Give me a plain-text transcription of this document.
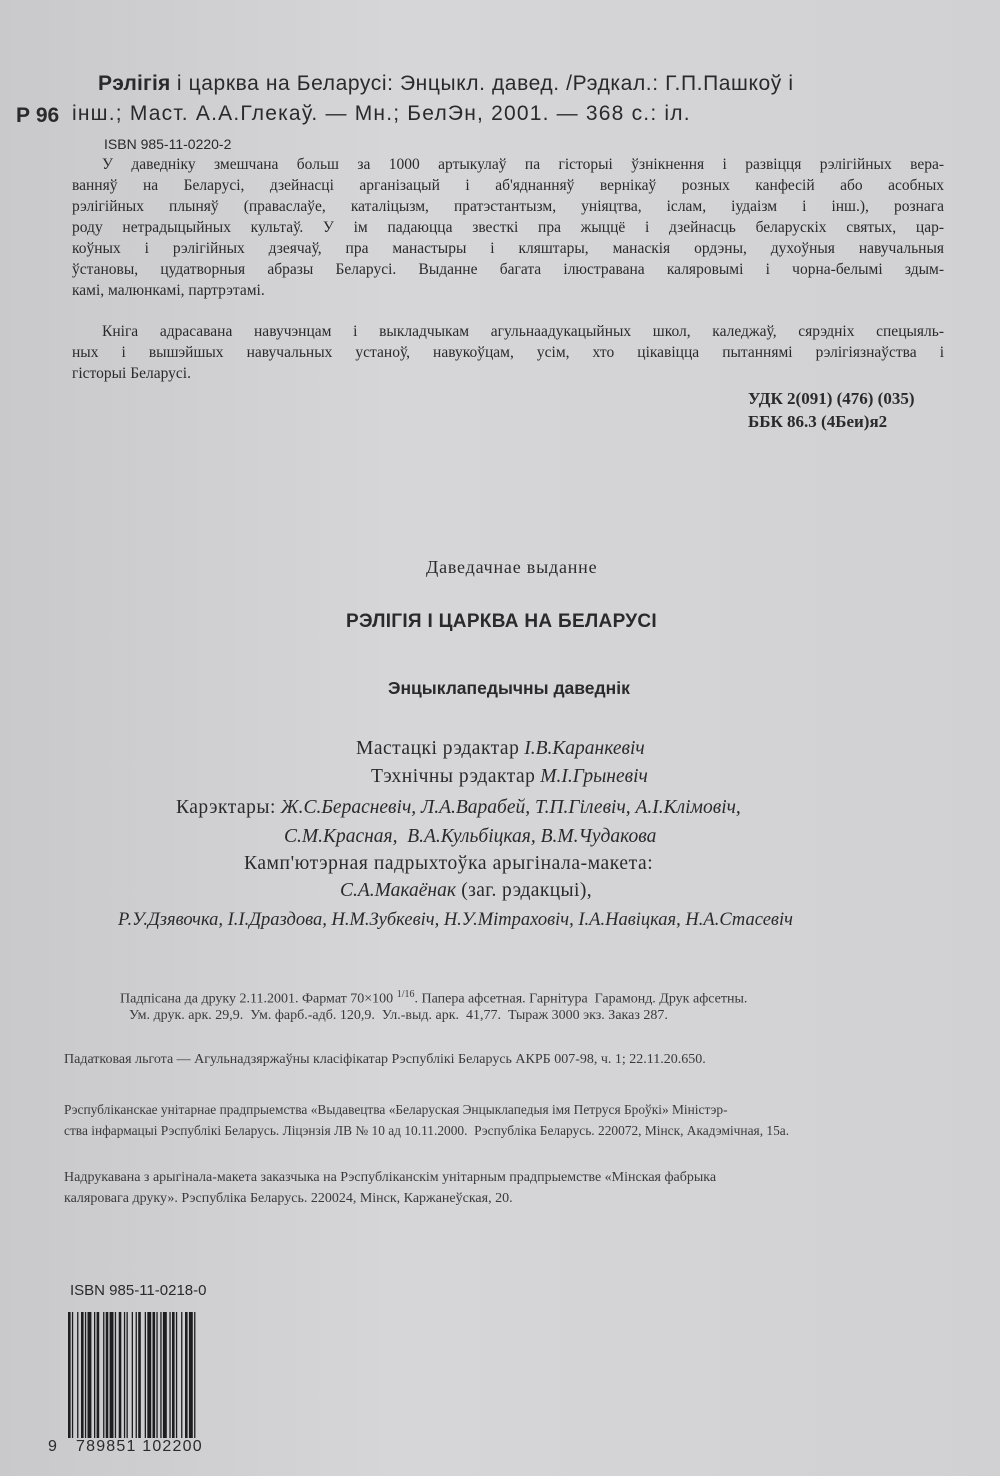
Рэлігія і царква на Беларусі: Энцыкл. давед. /Рэдкал.: Г.П.Пашкоў і
Р 96 інш.; Маст. А.А.Глекаў. — Мн.; БелЭн, 2001. — 368 с.: іл.
ISBN 985-11-0220-2
У даведніку змешчана больш за 1000 артыкулаў па гісторыі ўзнікнення і развіцця рэлігійных вера-
ванняў на Беларусі, дзейнасці арганізацый і аб'яднанняў вернікаў розных канфесій або асобных
рэлігійных плыняў (праваслаўе, каталіцызм, пратэстантызм, уніяцтва, іслам, іудаізм і інш.), рознага
роду нетрадыцыйных культаў. У ім падаюцца звесткі пра жыццё і дзейнасць беларускіх святых, цар-
коўных і рэлігійных дзеячаў, пра манастыры і кляштары, манаскія ордэны, духоўныя навучальныя
ўстановы, цудатворныя абразы Беларусі. Выданне багата ілюстравана каляровымі і чорна-белымі здым-
камі, малюнкамі, партрэтамі.
Кніга адрасавана навучэнцам і выкладчыкам агульнаадукацыйных школ, каледжаў, сярэдніх спецыяль-
ных і вышэйшых навучальных устаноў, навукоўцам, усім, хто цікавіцца пытаннямі рэлігіязнаўства і
гісторыі Беларусі.
УДК 2(091) (476) (035)
ББК 86.3 (4Беи)я2
Даведачнае выданне
РЭЛІГІЯ І ЦАРКВА НА БЕЛАРУСІ
Энцыклапедычны даведнік
Мастацкі рэдактар І.В.Каранкевіч
Тэхнічны рэдактар М.І.Грыневіч
Карэктары: Ж.С.Берасневіч, Л.А.Варабей, Т.П.Гілевіч, А.І.Клімовіч,
С.М.Красная,  В.А.Кульбіцкая, В.М.Чудакова
Камп'ютэрная падрыхтоўка арыгінала-макета:
С.А.Макаёнак (заг. рэдакцыі),
Р.У.Дзявочка, І.І.Драздова, Н.М.Зубкевіч, Н.У.Мітраховіч, І.А.Навіцкая, Н.А.Стасевіч
Падпісана да друку 2.11.2001. Фармат 70×100 $^{1/16}$. Папера афсетная. Гарнітура  Гарамонд. Друк афсетны.
Ум. друк. арк. 29,9.  Ум. фарб.-адб. 120,9.  Ул.-выд. арк.  41,77.  Тыраж 3000 экз. Заказ 287.
Падатковая льгота — Агульнадзяржаўны класіфікатар Рэспублікі Беларусь АКРБ 007-98, ч. 1; 22.11.20.650.
Рэспубліканскае унітарнае прадпрыемства «Выдавецтва «Беларуская Энцыклапедыя імя Петруся Броўкі» Міністэр-
ства інфармацыі Рэспублікі Беларусь. Ліцэнзія ЛВ № 10 ад 10.11.2000.  Рэспубліка Беларусь. 220072, Мінск, Акадэмічная, 15а.
Надрукавана з арыгінала-макета заказчыка на Рэспубліканскім унітарным прадпрыемстве «Мінская фабрыка
каляровага друку». Рэспубліка Беларусь. 220024, Мінск, Каржанеўская, 20.
ISBN 985-11-0218-0
9 789851 102200
